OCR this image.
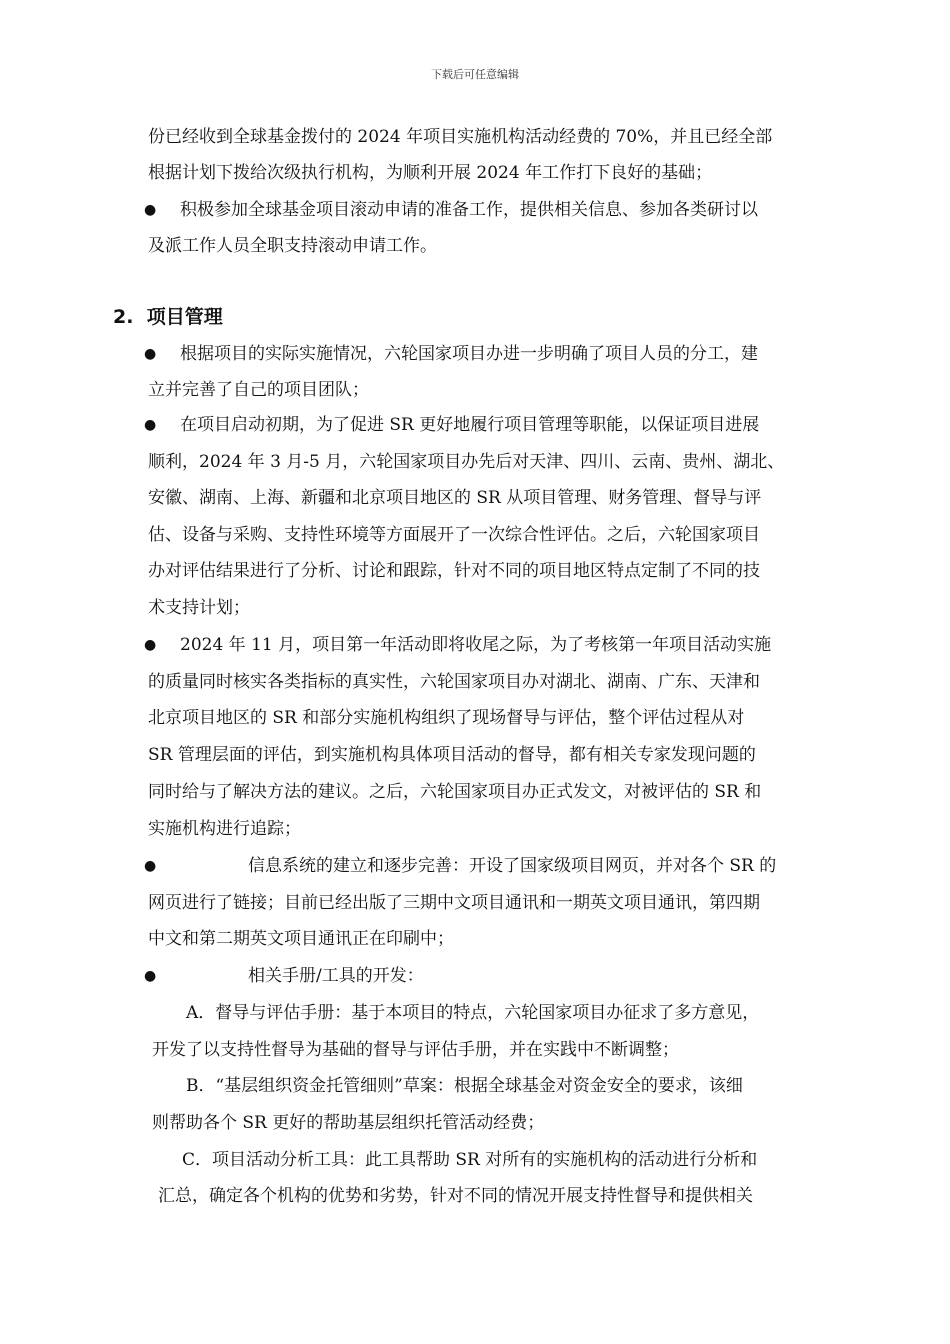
下载后可任意编辑
份已经收到全球基金拨付的 2024 年项目实施机构活动经费的 70%，并且已经全部
根据计划下拨给次级执行机构，为顺利开展 2024 年工作打下良好的基础；
● 积极参加全球基金项目滚动申请的准备工作，提供相关信息、参加各类研讨以
及派工作人员全职支持滚动申请工作。
2. 项目管理
● 根据项目的实际实施情况，六轮国家项目办进一步明确了项目人员的分工，建
立并完善了自己的项目团队；
● 在项目启动初期，为了促进 SR 更好地履行项目管理等职能，以保证项目进展
顺利，2024 年 3 月-5 月，六轮国家项目办先后对天津、四川、云南、贵州、湖北、
安徽、湖南、上海、新疆和北京项目地区的 SR 从项目管理、财务管理、督导与评
估、设备与采购、支持性环境等方面展开了一次综合性评估。之后，六轮国家项目
办对评估结果进行了分析、讨论和跟踪，针对不同的项目地区特点定制了不同的技
术支持计划；
● 2024 年 11 月，项目第一年活动即将收尾之际，为了考核第一年项目活动实施
的质量同时核实各类指标的真实性，六轮国家项目办对湖北、湖南、广东、天津和
北京项目地区的 SR 和部分实施机构组织了现场督导与评估，整个评估过程从对
SR 管理层面的评估，到实施机构具体项目活动的督导，都有相关专家发现问题的
同时给与了解决方法的建议。之后，六轮国家项目办正式发文，对被评估的 SR 和
实施机构进行追踪；
●	信息系统的建立和逐步完善：开设了国家级项目网页，并对各个 SR 的
网页进行了链接；目前已经出版了三期中文项目通讯和一期英文项目通讯，第四期
中文和第二期英文项目通讯正在印刷中；
●	相关手册/工具的开发：
A．督导与评估手册：基于本项目的特点，六轮国家项目办征求了多方意见，
开发了以支持性督导为基础的督导与评估手册，并在实践中不断调整；
B．“基层组织资金托管细则”草案：根据全球基金对资金安全的要求，该细
则帮助各个 SR 更好的帮助基层组织托管活动经费；
C．项目活动分析工具：此工具帮助 SR 对所有的实施机构的活动进行分析和
汇总，确定各个机构的优势和劣势，针对不同的情况开展支持性督导和提供相关
